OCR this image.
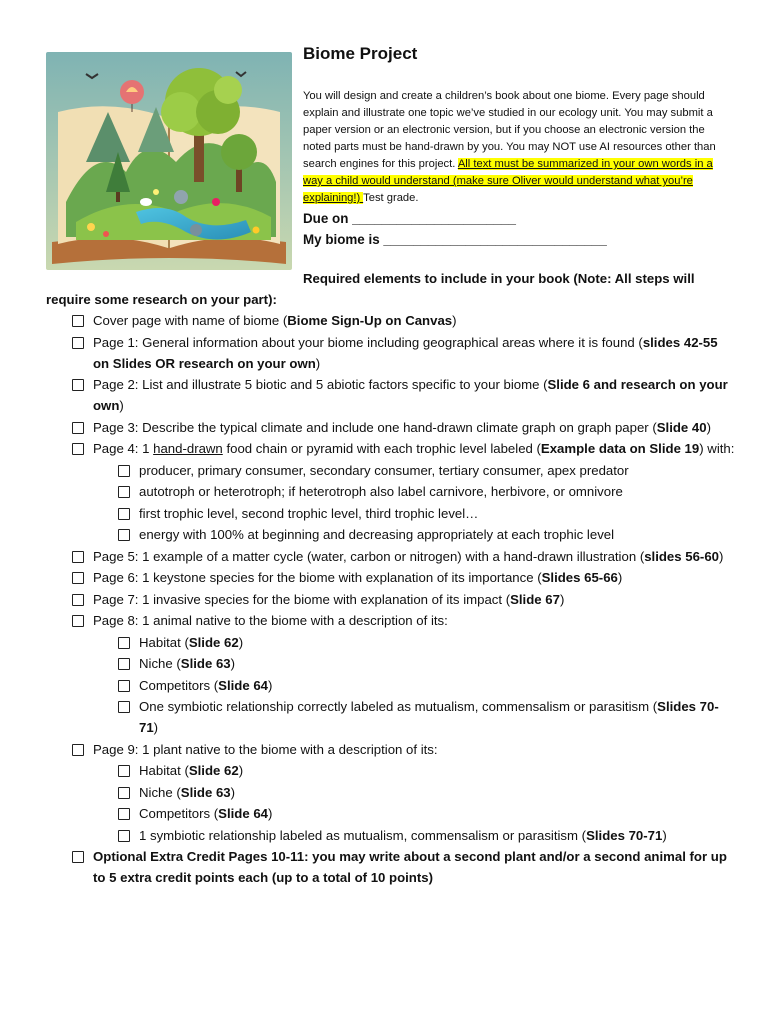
Biome Project
You will design and create a children’s book about one biome. Every page should explain and illustrate one topic we’ve studied in our ecology unit. You may submit a paper version or an electronic version, but if you choose an electronic version the noted parts must be hand-drawn by you. You may NOT use AI resources other than search engines for this project. All text must be summarized in your own words in a way a child would understand (make sure Oliver would understand what you’re explaining!) Test grade.
Due on ______________________
My biome is ______________________________
Required elements to include in your book (Note: All steps will require some research on your part):
Cover page with name of biome (Biome Sign-Up on Canvas)
Page 1: General information about your biome including geographical areas where it is found (slides 42-55 on Slides OR research on your own)
Page 2: List and illustrate 5 biotic and 5 abiotic factors specific to your biome (Slide 6 and research on your own)
Page 3: Describe the typical climate and include one hand-drawn climate graph on graph paper (Slide 40)
Page 4: 1 hand-drawn food chain or pyramid with each trophic level labeled (Example data on Slide 19) with:
producer, primary consumer, secondary consumer, tertiary consumer, apex predator
autotroph or heterotroph; if heterotroph also label carnivore, herbivore, or omnivore
first trophic level, second trophic level, third trophic level…
energy with 100% at beginning and decreasing appropriately at each trophic level
Page 5: 1 example of a matter cycle (water, carbon or nitrogen) with a hand-drawn illustration (slides 56-60)
Page 6: 1 keystone species for the biome with explanation of its importance (Slides 65-66)
Page 7: 1 invasive species for the biome with explanation of its impact (Slide 67)
Page 8: 1 animal native to the biome with a description of its:
Habitat (Slide 62)
Niche (Slide 63)
Competitors (Slide 64)
One symbiotic relationship correctly labeled as mutualism, commensalism or parasitism (Slides 70-71)
Page 9: 1 plant native to the biome with a description of its:
Habitat (Slide 62)
Niche (Slide 63)
Competitors (Slide 64)
1 symbiotic relationship labeled as mutualism, commensalism or parasitism (Slides 70-71)
Optional Extra Credit Pages 10-11: you may write about a second plant and/or a second animal for up to 5 extra credit points each (up to a total of 10 points)
